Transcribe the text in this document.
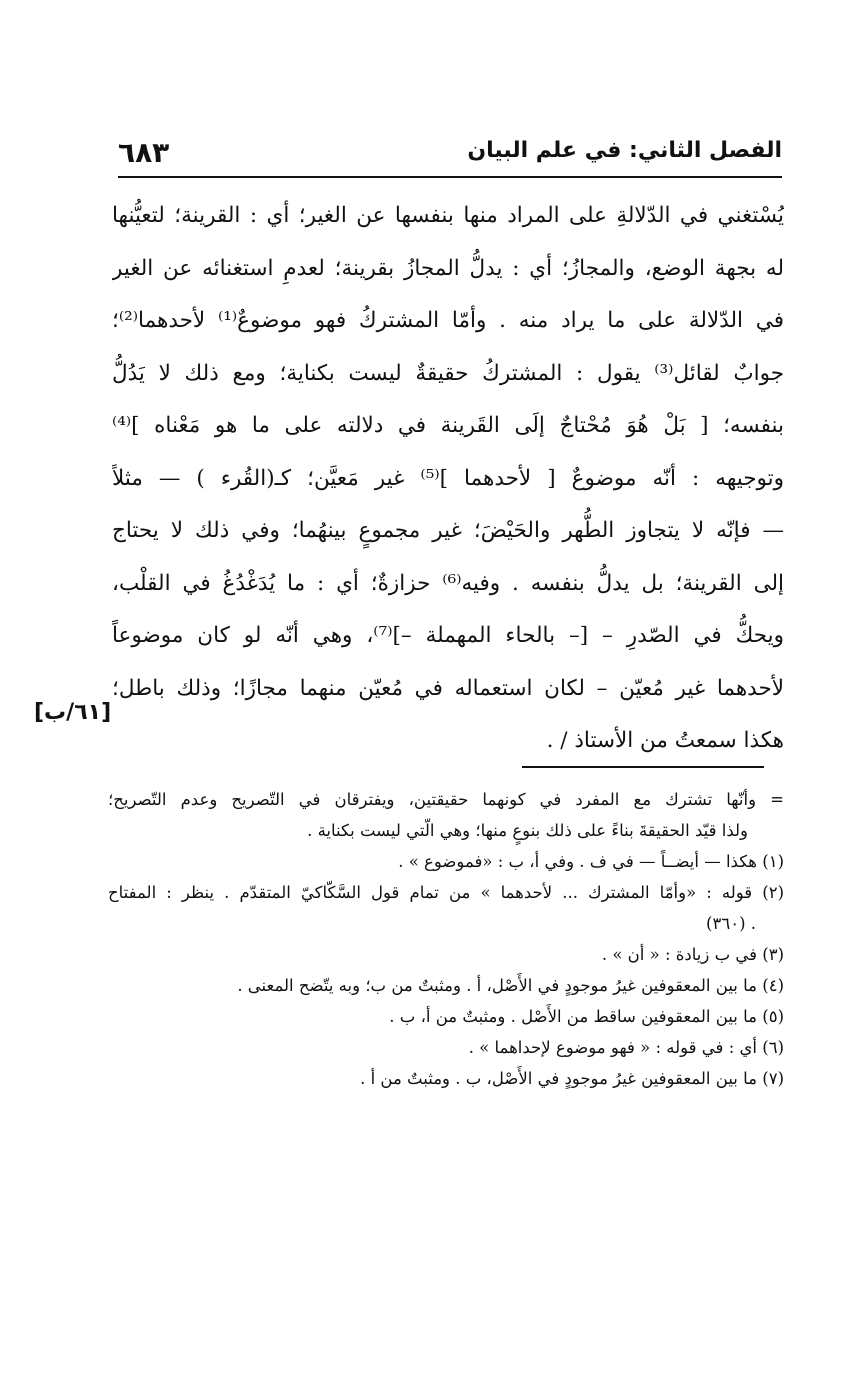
٦٨٣	الفصل الثاني: في علم البيان
يُسْتغني في الدّلالةِ على المراد منها بنفسها عن الغير؛ أي : القرينة؛ لتعيُّنها
له بجهة الوضع، والمجازُ؛ أي : يدلُّ المجازُ بقرينة؛ لعدمِ استغنائه عن الغير
في الدّلالة على ما يراد منه . وأمّا المشتركُ فهو موضوعٌ⁽¹⁾ لأحدهما⁽²⁾؛
جوابٌ لقائل⁽³⁾ يقول : المشتركُ حقيقةٌ ليست بكناية؛ ومع ذلك لا يَدُلُّ
بنفسه؛ [ بَلْ هُوَ مُحْتاجٌ إلَى القَرينة في دلالته على ما هو مَعْناه ]⁽⁴⁾
وتوجيهه : أنّه موضوعٌ [ لأحدهما ]⁽⁵⁾ غير مَعيَّن؛ كـ(القُرء ) — مثلاً
— فإنّه لا يتجاوز الطُّهر والحَيْضَ؛ غير مجموعٍ بينهُما؛ وفي ذلك لا يحتاج
إلى القرينة؛ بل يدلُّ بنفسه . وفيه⁽⁶⁾ حزازةٌ؛ أي : ما يُدَغْدُغُ في القلْب،
ويحكُّ في الصّدرِ – [– بالحاء المهملة –]⁽⁷⁾، وهي أنّه لو كان موضوعاً
لأحدهما غير مُعيّن – لكان استعماله في مُعيّن منهما مجازًا؛ وذلك باطل؛
هكذا سمعتُ من الأستاذ / .
[٦١/ب]
= وأنّها تشترك مع المفرد في كونهما حقيقتين، ويفترقان في التّصريح وعدم التّصريح؛
ولذا قيّد الحقيقةَ بناءً على ذلك بنوعٍ منها؛ وهي الّتي ليست بكناية .
(١) هكذا — أيضــاً — في ف . وفي أ، ب : «فموضوع » .
(٢) قوله : «وأمّا المشترك ... لأحدهما » من تمام قول السَّكّاكيّ المتقدّم . ينظر : المفتاح
. (٣٦٠)
(٣) في ب زيادة : « أن » .
(٤) ما بين المعقوفين غيرُ موجودٍ في الأَصْل، أ . ومثبتٌ من ب؛ وبه يتّضح المعنى .
(٥) ما بين المعقوفين ساقط من الأَصْل . ومثبتٌ من أ، ب .
(٦) أي : في قوله : « فهو موضوع لإحداهما » .
(٧) ما بين المعقوفين غيرُ موجودٍ في الأَصْل، ب . ومثبتٌ من أ .
